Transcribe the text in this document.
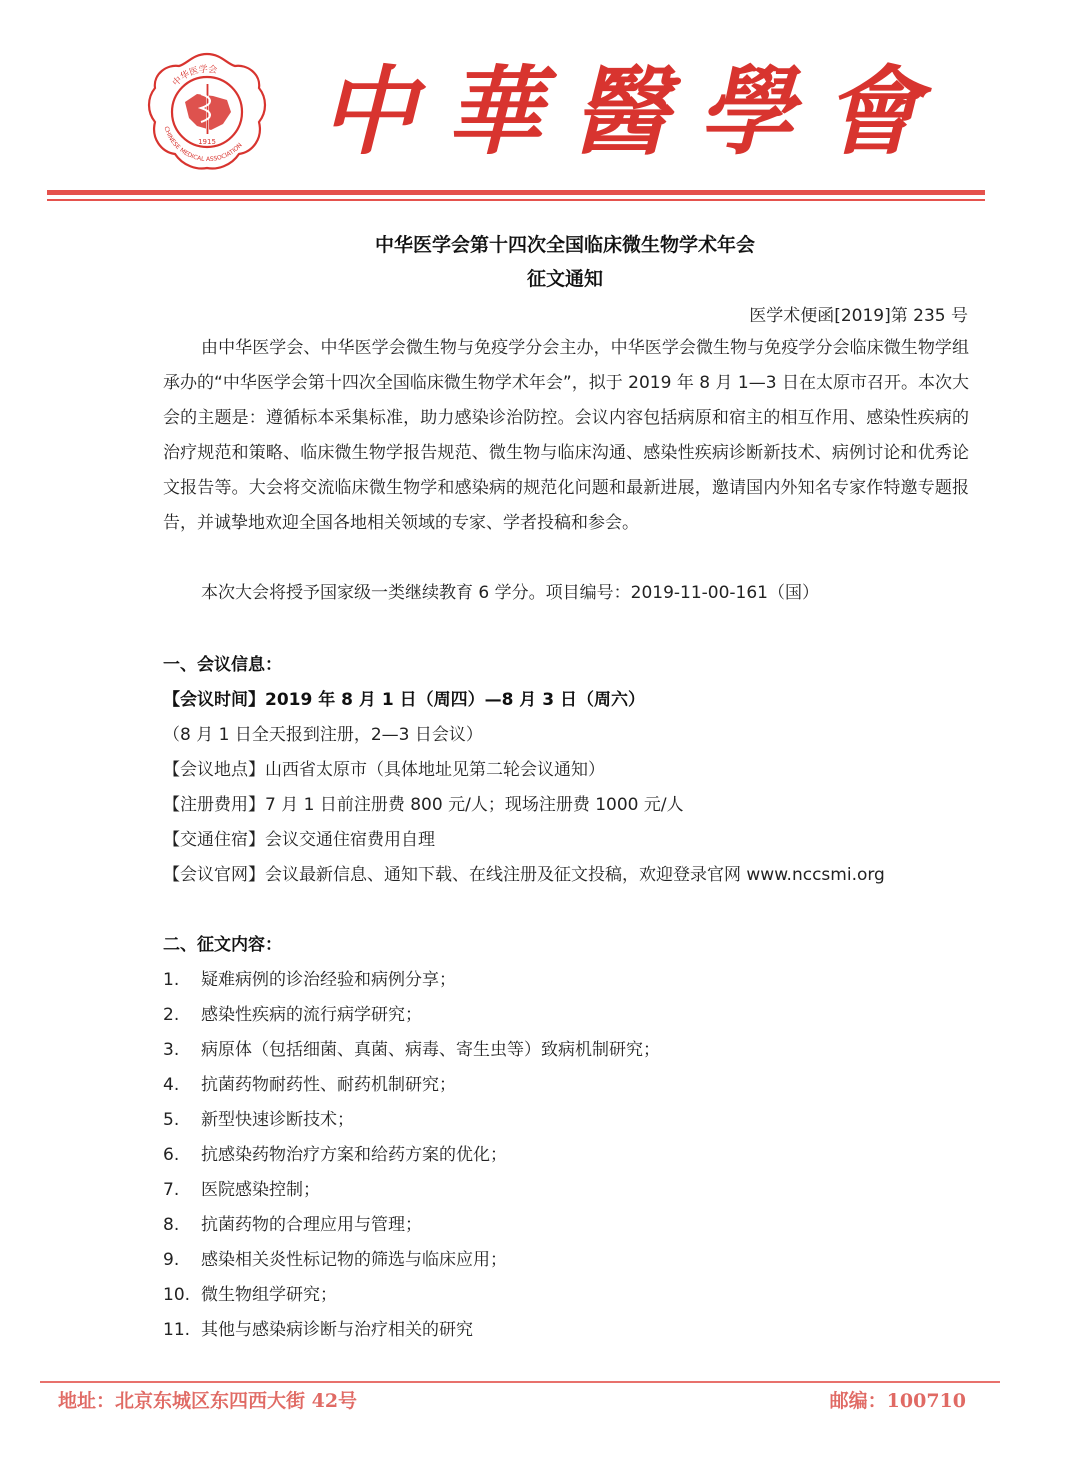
中华医学会
CHINESE MEDICAL ASSOCIATION
1915 中華醫學會
中华医学会第十四次全国临床微生物学术年会
征文通知
医学术便函[2019]第 235 号

由中华医学会、中华医学会微生物与免疫学分会主办，中华医学会微生物与免疫学分会临床微生物学组承办的“中华医学会第十四次全国临床微生物学术年会”，拟于 2019 年 8 月 1—3 日在太原市召开。本次大会的主题是：遵循标本采集标准，助力感染诊治防控。会议内容包括病原和宿主的相互作用、感染性疾病的治疗规范和策略、临床微生物学报告规范、微生物与临床沟通、感染性疾病诊断新技术、病例讨论和优秀论文报告等。大会将交流临床微生物学和感染病的规范化问题和最新进展，邀请国内外知名专家作特邀专题报告，并诚挚地欢迎全国各地相关领域的专家、学者投稿和参会。

本次大会将授予国家级一类继续教育 6 学分。项目编号：2019-11-00-161（国）

一、会议信息：
【会议时间】2019 年 8 月 1 日（周四）—8 月 3 日（周六）
（8 月 1 日全天报到注册，2—3 日会议）
【会议地点】山西省太原市（具体地址见第二轮会议通知）
【注册费用】7 月 1 日前注册费 800 元/人；现场注册费 1000 元/人
【交通住宿】会议交通住宿费用自理
【会议官网】会议最新信息、通知下载、在线注册及征文投稿，欢迎登录官网 www.nccsmi.org
二、征文内容：
1. 疑难病例的诊治经验和病例分享；
2. 感染性疾病的流行病学研究；
3. 病原体（包括细菌、真菌、病毒、寄生虫等）致病机制研究；
4. 抗菌药物耐药性、耐药机制研究；
5. 新型快速诊断技术；
6. 抗感染药物治疗方案和给药方案的优化；
7. 医院感染控制；
8. 抗菌药物的合理应用与管理；
9. 感染相关炎性标记物的筛选与临床应用；
10. 微生物组学研究；
11. 其他与感染病诊断与治疗相关的研究
地址：北京东城区东四西大街 42号	邮编：100710
